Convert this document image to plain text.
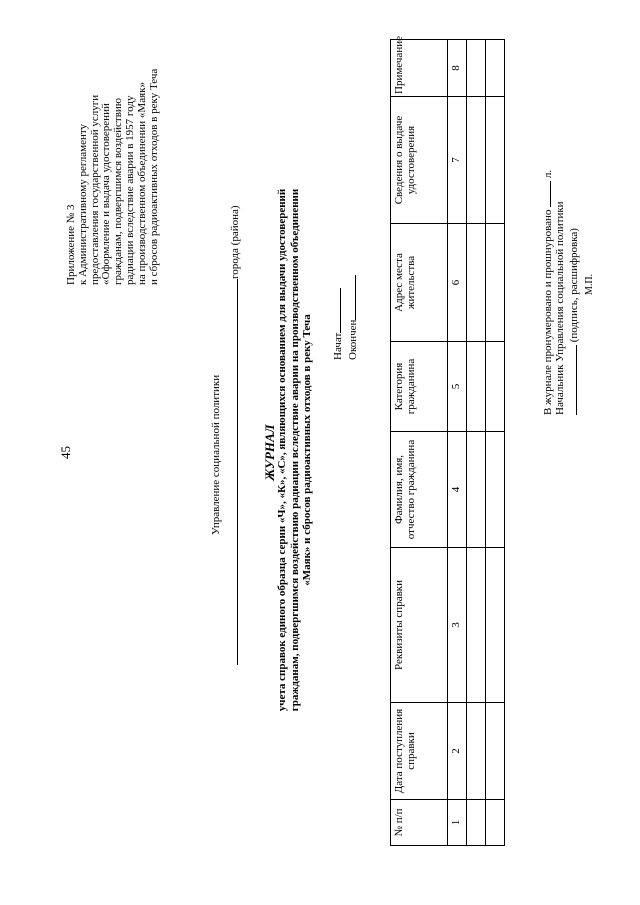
45
Приложение № 3 к Административному регламенту предоставления государственной услуги «Оформление и выдача удостоверений гражданам, подвергшимся воздействию радиации вследствие аварии в 1957 году на производственном объединении «Маяк» и сбросов радиоактивных отходов в реку Теча
Управление социальной политики
города (района)
ЖУРНАЛ учета справок единого образца серии «Ч», «К», «С», являющихся основанием для выдачи удостоверений гражданам, подвергшимся воздействию радиации вследствие аварии на производственном объединении «Маяк» и сбросов радиоактивных отходов в реку Теча Начат Окончен
№ п/п	Дата поступления справки	Реквизиты справки	Фамилия, имя, отчество гражданина	Категория гражданина	Адрес места жительства	Сведения о выдаче удостоверения	Примечание
1	2	3	4	5	6	7	8

В журнале пронумеровано и прошнуровано  л.
Начальник Управления социальной политики (подпись, расшифровка) М.П.
